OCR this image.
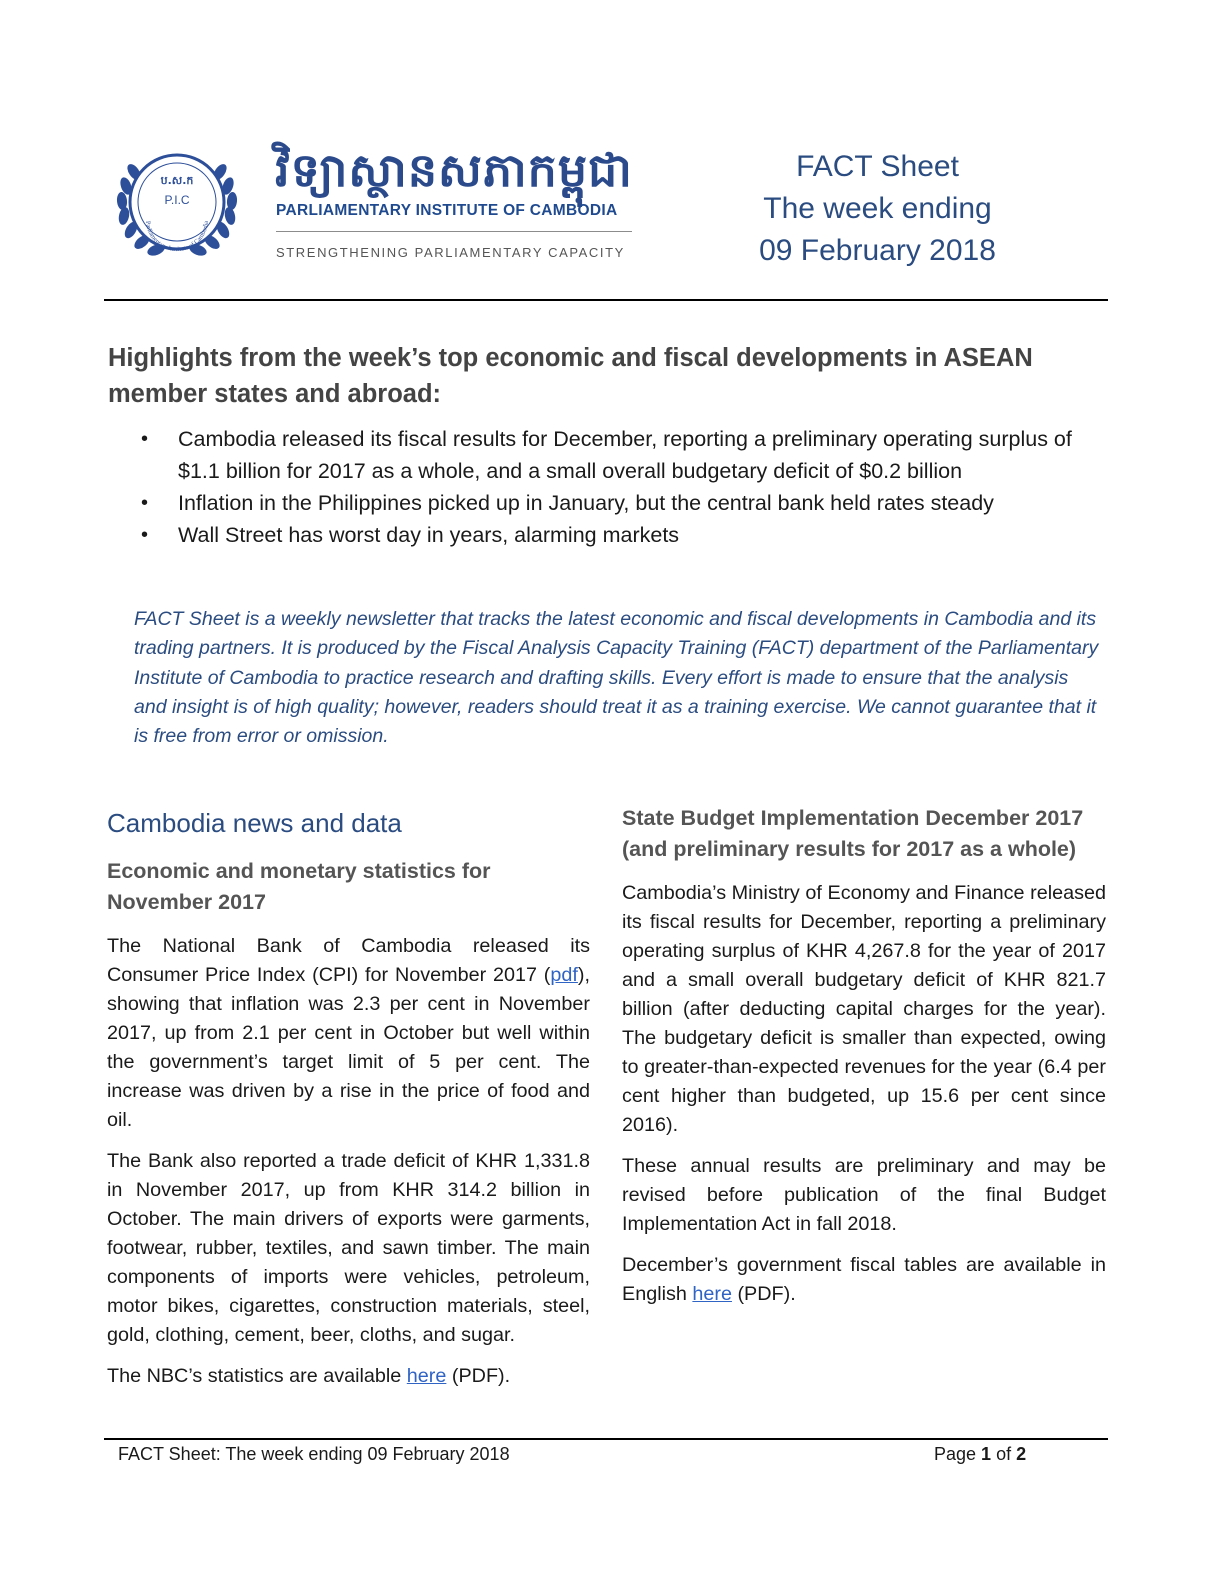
ប.ស.ក
P.I.C
Parliamentary Institute of Cambodia
វិទ្យាស្ថានសភាកម្ពុជា
PARLIAMENTARY INSTITUTE OF CAMBODIA
STRENGTHENING PARLIAMENTARY CAPACITY
FACT Sheet
The week ending
09 February 2018
Highlights from the week’s top economic and fiscal developments in ASEAN member states and abroad:
• Cambodia released its fiscal results for December, reporting a preliminary operating surplus of $1.1 billion for 2017 as a whole, and a small overall budgetary deficit of $0.2 billion
• Inflation in the Philippines picked up in January, but the central bank held rates steady
• Wall Street has worst day in years, alarming markets
FACT Sheet is a weekly newsletter that tracks the latest economic and fiscal developments in Cambodia and its trading partners. It is produced by the Fiscal Analysis Capacity Training (FACT) department of the Parliamentary Institute of Cambodia to practice research and drafting skills. Every effort is made to ensure that the analysis and insight is of high quality; however, readers should treat it as a training exercise. We cannot guarantee that it is free from error or omission.
Cambodia news and data
Economic and monetary statistics for November 2017

The National Bank of Cambodia released its Consumer Price Index (CPI) for November 2017 (pdf), showing that inflation was 2.3 per cent in November 2017, up from 2.1 per cent in October but well within the government’s target limit of 5 per cent. The increase was driven by a rise in the price of food and oil.

The Bank also reported a trade deficit of KHR 1,331.8 in November 2017, up from KHR 314.2 billion in October. The main drivers of exports were garments, footwear, rubber, textiles, and sawn timber. The main components of imports were vehicles, petroleum, motor bikes, cigarettes, construction materials, steel, gold, clothing, cement, beer, cloths, and sugar.

The NBC’s statistics are available here (PDF).

State Budget Implementation December 2017 (and preliminary results for 2017 as a whole)

Cambodia’s Ministry of Economy and Finance released its fiscal results for December, reporting a preliminary operating surplus of KHR 4,267.8 for the year of 2017 and a small overall budgetary deficit of KHR 821.7 billion (after deducting capital charges for the year). The budgetary deficit is smaller than expected, owing to greater-than-expected revenues for the year (6.4 per cent higher than budgeted, up 15.6 per cent since 2016).

These annual results are preliminary and may be revised before publication of the final Budget Implementation Act in fall 2018.

December’s government fiscal tables are available in English here (PDF).

FACT Sheet: The week ending 09 February 2018	Page 1 of 2
